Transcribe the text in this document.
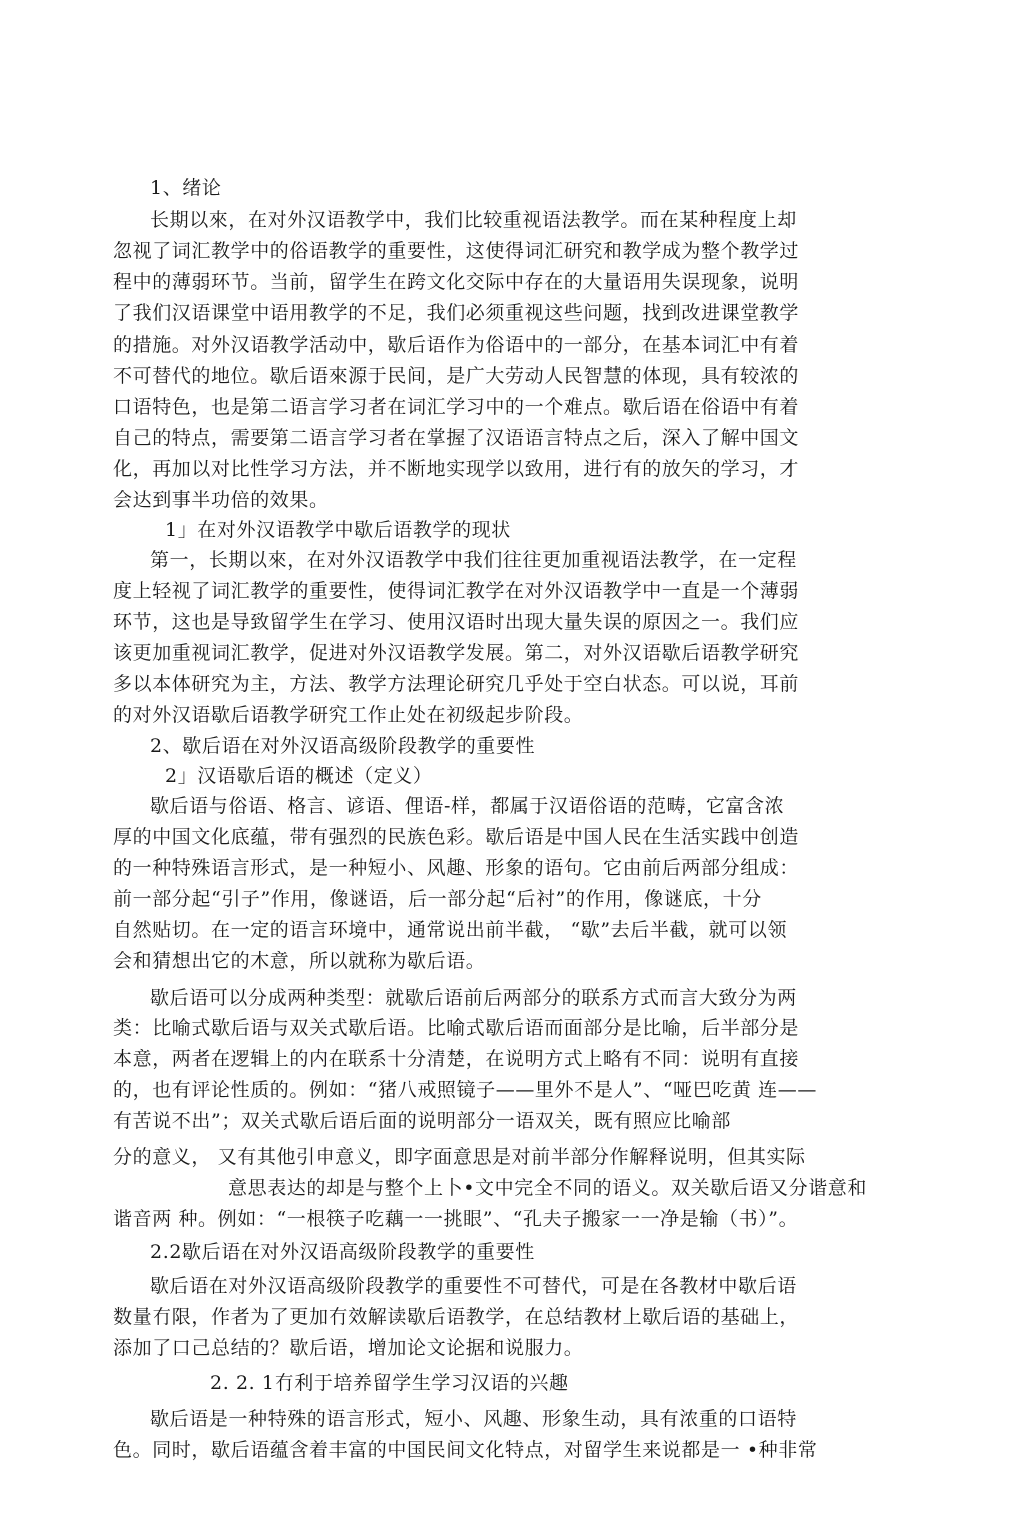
1、绪论
长期以來，在对外汉语教学中，我们比较重视语法教学。而在某种程度上却
忽视了词汇教学中的俗语教学的重要性，这使得词汇研究和教学成为整个教学过
程中的薄弱环节。当前，留学生在跨文化交际中存在的大量语用失误现象，说明
了我们汉语课堂中语用教学的不足，我们必须重视这些问题，找到改进课堂教学
的措施。对外汉语教学活动中，歇后语作为俗语中的一部分，在基本词汇中有着
不可替代的地位。歇后语來源于民间，是广大劳动人民智慧的体现，具有较浓的
口语特色，也是第二语言学习者在词汇学习中的一个难点。歇后语在俗语中有着
自己的特点，需要第二语言学习者在掌握了汉语语言特点之后，深入了解中国文
化，再加以对比性学习方法，并不断地实现学以致用，进行有的放矢的学习，才
会达到事半功倍的效果。
1」在对外汉语教学中歇后语教学的现状
第一，长期以來，在对外汉语教学中我们往往更加重视语法教学，在一定程
度上轻视了词汇教学的重要性，使得词汇教学在对外汉语教学中一直是一个薄弱
环节，这也是导致留学生在学习、使用汉语时出现大量失误的原因之一。我们应
该更加重视词汇教学，促进对外汉语教学发展。第二，对外汉语歇后语教学研究
多以本体研究为主，方法、教学方法理论研究几乎处于空白状态。可以说，耳前
的对外汉语歇后语教学研究工作止处在初级起步阶段。
2、歇后语在对外汉语高级阶段教学的重要性
2」汉语歇后语的概述（定义）
歇后语与俗语、格言、谚语、俚语-样，都属于汉语俗语的范畴，它富含浓
厚的中国文化底蕴，带有强烈的民族色彩。歇后语是中国人民在生活实践中创造
的一种特殊语言形式，是一种短小、风趣、形象的语句。它由前后两部分组成：
前一部分起“引子”作用，像谜语，后一部分起“后衬”的作用，像谜底，十分
自然贴切。在一定的语言环境中，通常说出前半截， “歇”去后半截，就可以领
会和猜想出它的木意，所以就称为歇后语。
歇后语可以分成两种类型：就歇后语前后两部分的联系方式而言大致分为两
类：比喻式歇后语与双关式歇后语。比喻式歇后语而面部分是比喻，后半部分是
本意，两者在逻辑上的内在联系十分清楚，在说明方式上略有不同：说明有直接
的，也有评论性质的。例如：“猪八戒照镜子——里外不是人”、“哑巴吃黄 连——
有苦说不出”；双关式歇后语后面的说明部分一语双关，既有照应比喻部
分的意义， 又有其他引申意义，即字面意思是对前半部分作解释说明，但其实际
意思表达的却是与整个上卜•文中完全不同的语义。双关歇后语又分谐意和
谐音两 种。例如：“一根筷子吃藕一一挑眼”、“孔夫子搬家一一净是输（书）”。
2.2歇后语在对外汉语高级阶段教学的重要性
歇后语在对外汉语高级阶段教学的重要性不可替代，可是在各教材中歇后语
数量冇限，作者为了更加冇效解读歇后语教学，在总结教材上歇后语的基础上，
添加了口己总结的？歇后语，增加论文论据和说服力。
2. 2. 1冇利于培养留学生学习汉语的兴趣
歇后语是一种特殊的语言形式，短小、风趣、形象生动，具有浓重的口语特
色。同时，歇后语蕴含着丰富的中国民间文化特点，对留学生来说都是一 •种非常
